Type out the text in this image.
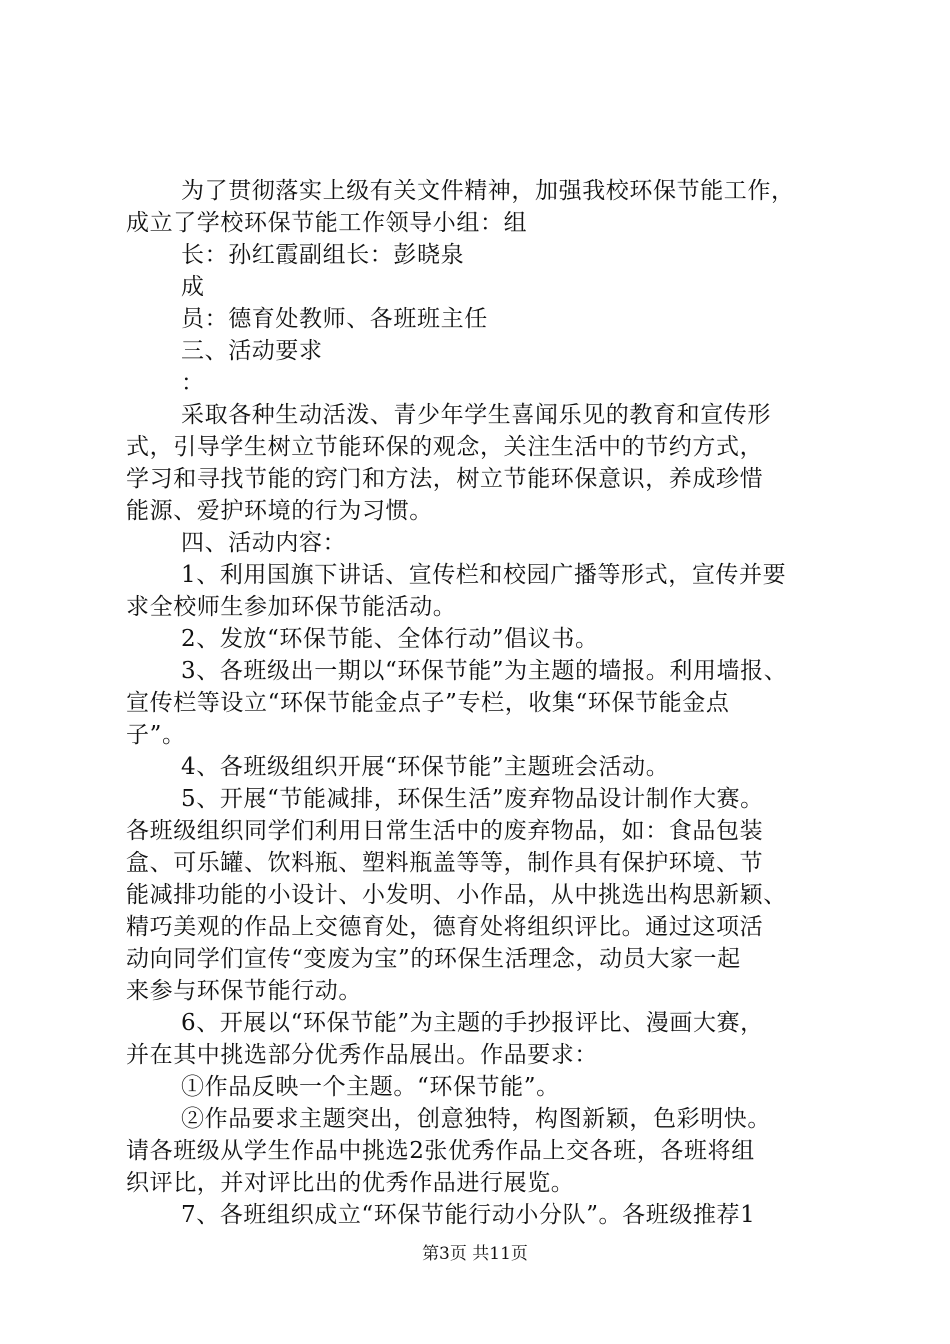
为了贯彻落实上级有关文件精神，加强我校环保节能工作，
成立了学校环保节能工作领导小组：组
长：孙红霞副组长：彭晓泉
成
员：德育处教师、各班班主任
三、活动要求
：
采取各种生动活泼、青少年学生喜闻乐见的教育和宣传形
式，引导学生树立节能环保的观念，关注生活中的节约方式，
学习和寻找节能的窍门和方法，树立节能环保意识，养成珍惜
能源、爱护环境的行为习惯。
四、活动内容：
1、利用国旗下讲话、宣传栏和校园广播等形式，宣传并要
求全校师生参加环保节能活动。
2、发放“环保节能、全体行动”倡议书。
3、各班级出一期以“环保节能”为主题的墙报。利用墙报、
宣传栏等设立“环保节能金点子”专栏，收集“环保节能金点
子”。
4、各班级组织开展“环保节能”主题班会活动。
5、开展“节能减排，环保生活”废弃物品设计制作大赛。
各班级组织同学们利用日常生活中的废弃物品，如：食品包装
盒、可乐罐、饮料瓶、塑料瓶盖等等，制作具有保护环境、节
能减排功能的小设计、小发明、小作品，从中挑选出构思新颖、
精巧美观的作品上交德育处，德育处将组织评比。通过这项活
动向同学们宣传“变废为宝”的环保生活理念，动员大家一起
来参与环保节能行动。
6、开展以“环保节能”为主题的手抄报评比、漫画大赛，
并在其中挑选部分优秀作品展出。作品要求：
①作品反映一个主题。“环保节能”。
②作品要求主题突出，创意独特，构图新颖，色彩明快。
请各班级从学生作品中挑选2张优秀作品上交各班，各班将组
织评比，并对评比出的优秀作品进行展览。
7、各班组织成立“环保节能行动小分队”。各班级推荐1
第3页 共11页
